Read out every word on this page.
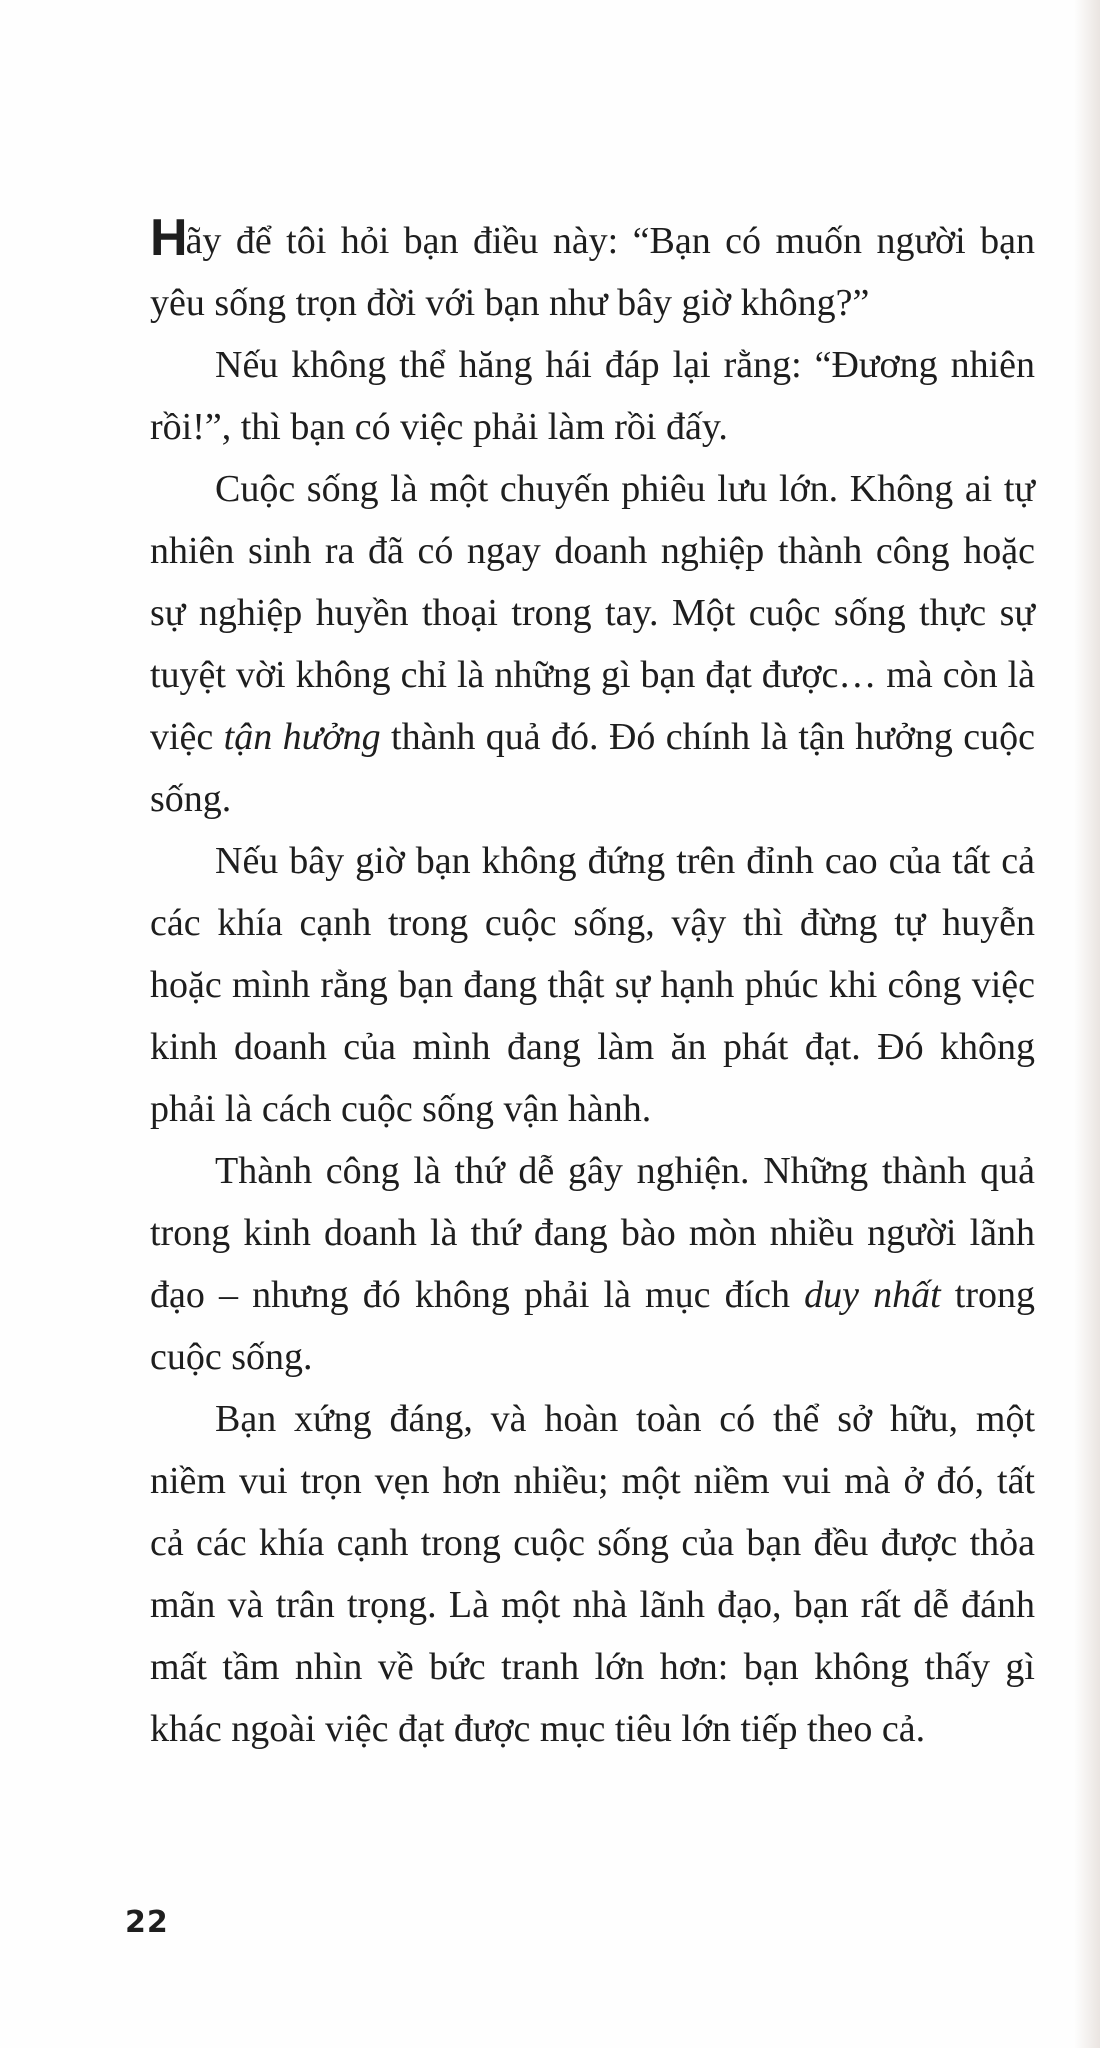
Hãy để tôi hỏi bạn điều này: “Bạn có muốn người bạn yêu sống trọn đời với bạn như bây giờ không?”

Nếu không thể hăng hái đáp lại rằng: “Đương nhiên rồi!”, thì bạn có việc phải làm rồi đấy.

Cuộc sống là một chuyến phiêu lưu lớn. Không ai tự nhiên sinh ra đã có ngay doanh nghiệp thành công hoặc sự nghiệp huyền thoại trong tay. Một cuộc sống thực sự tuyệt vời không chỉ là những gì bạn đạt được… mà còn là việc tận hưởng thành quả đó. Đó chính là tận hưởng cuộc sống.

Nếu bây giờ bạn không đứng trên đỉnh cao của tất cả các khía cạnh trong cuộc sống, vậy thì đừng tự huyễn hoặc mình rằng bạn đang thật sự hạnh phúc khi công việc kinh doanh của mình đang làm ăn phát đạt. Đó không phải là cách cuộc sống vận hành.

Thành công là thứ dễ gây nghiện. Những thành quả trong kinh doanh là thứ đang bào mòn nhiều người lãnh đạo – nhưng đó không phải là mục đích duy nhất trong cuộc sống.

Bạn xứng đáng, và hoàn toàn có thể sở hữu, một niềm vui trọn vẹn hơn nhiều; một niềm vui mà ở đó, tất cả các khía cạnh trong cuộc sống của bạn đều được thỏa mãn và trân trọng. Là một nhà lãnh đạo, bạn rất dễ đánh mất tầm nhìn về bức tranh lớn hơn: bạn không thấy gì khác ngoài việc đạt được mục tiêu lớn tiếp theo cả.

22
